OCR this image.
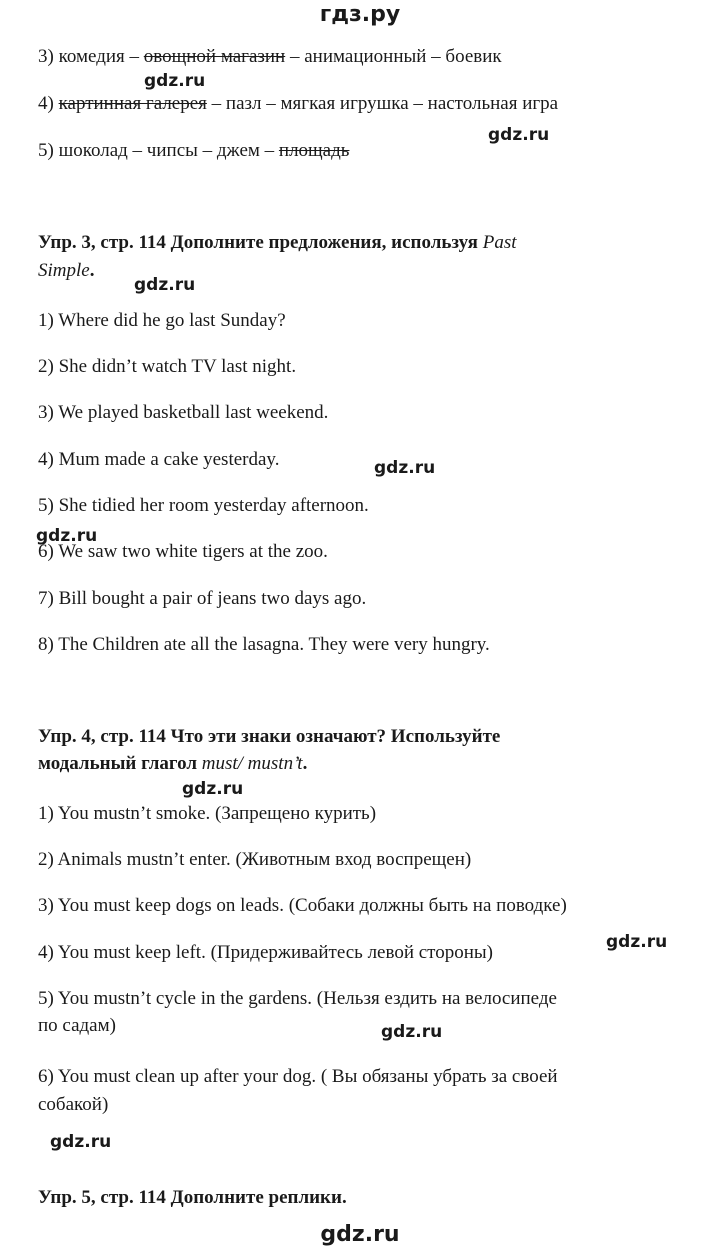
гдз.ру
3) комедия – овощной магазин – анимационный – боевик
gdz.ru
4) картинная галерея – пазл – мягкая игрушка – настольная игра
gdz.ru
5) шоколад – чипсы – джем – площадь
Упр. 3, стр. 114 Дополните предложения, используя Past
Simple.
gdz.ru
1) Where did he go last Sunday?
2) She didn’t watch TV last night.
3) We played basketball last weekend.
4) Mum made a cake yesterday.	gdz.ru
5) She tidied her room yesterday afternoon.
gdz.ru
6) We saw two white tigers at the zoo.
7) Bill bought a pair of jeans two days ago.
8) The Children ate all the lasagna. They were very hungry.
Упр. 4, стр. 114 Что эти знаки означают? Используйте
модальный глагол must/ mustn’t.
gdz.ru
1) You mustn’t smoke. (Запрещено курить)
2) Animals mustn’t enter. (Животным вход воспрещен)
3) You must keep dogs on leads. (Собаки должны быть на поводке)
gdz.ru
4) You must keep left. (Придерживайтесь левой стороны)
5) You mustn’t cycle in the gardens. (Нельзя ездить на велосипеде
по садам)	gdz.ru
6) You must clean up after your dog. ( Вы обязаны убрать за своей
собакой)
gdz.ru
Упр. 5, стр. 114 Дополните реплики.
gdz.ru
